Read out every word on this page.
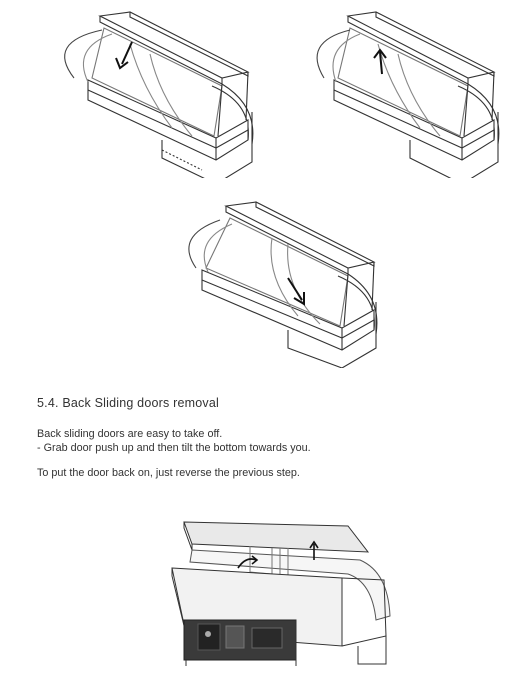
5.4. Back Sliding doors removal
Back sliding doors are easy to take off.
- Grab door push up and then tilt the bottom towards you.
To put the door back on, just reverse the previous step.
